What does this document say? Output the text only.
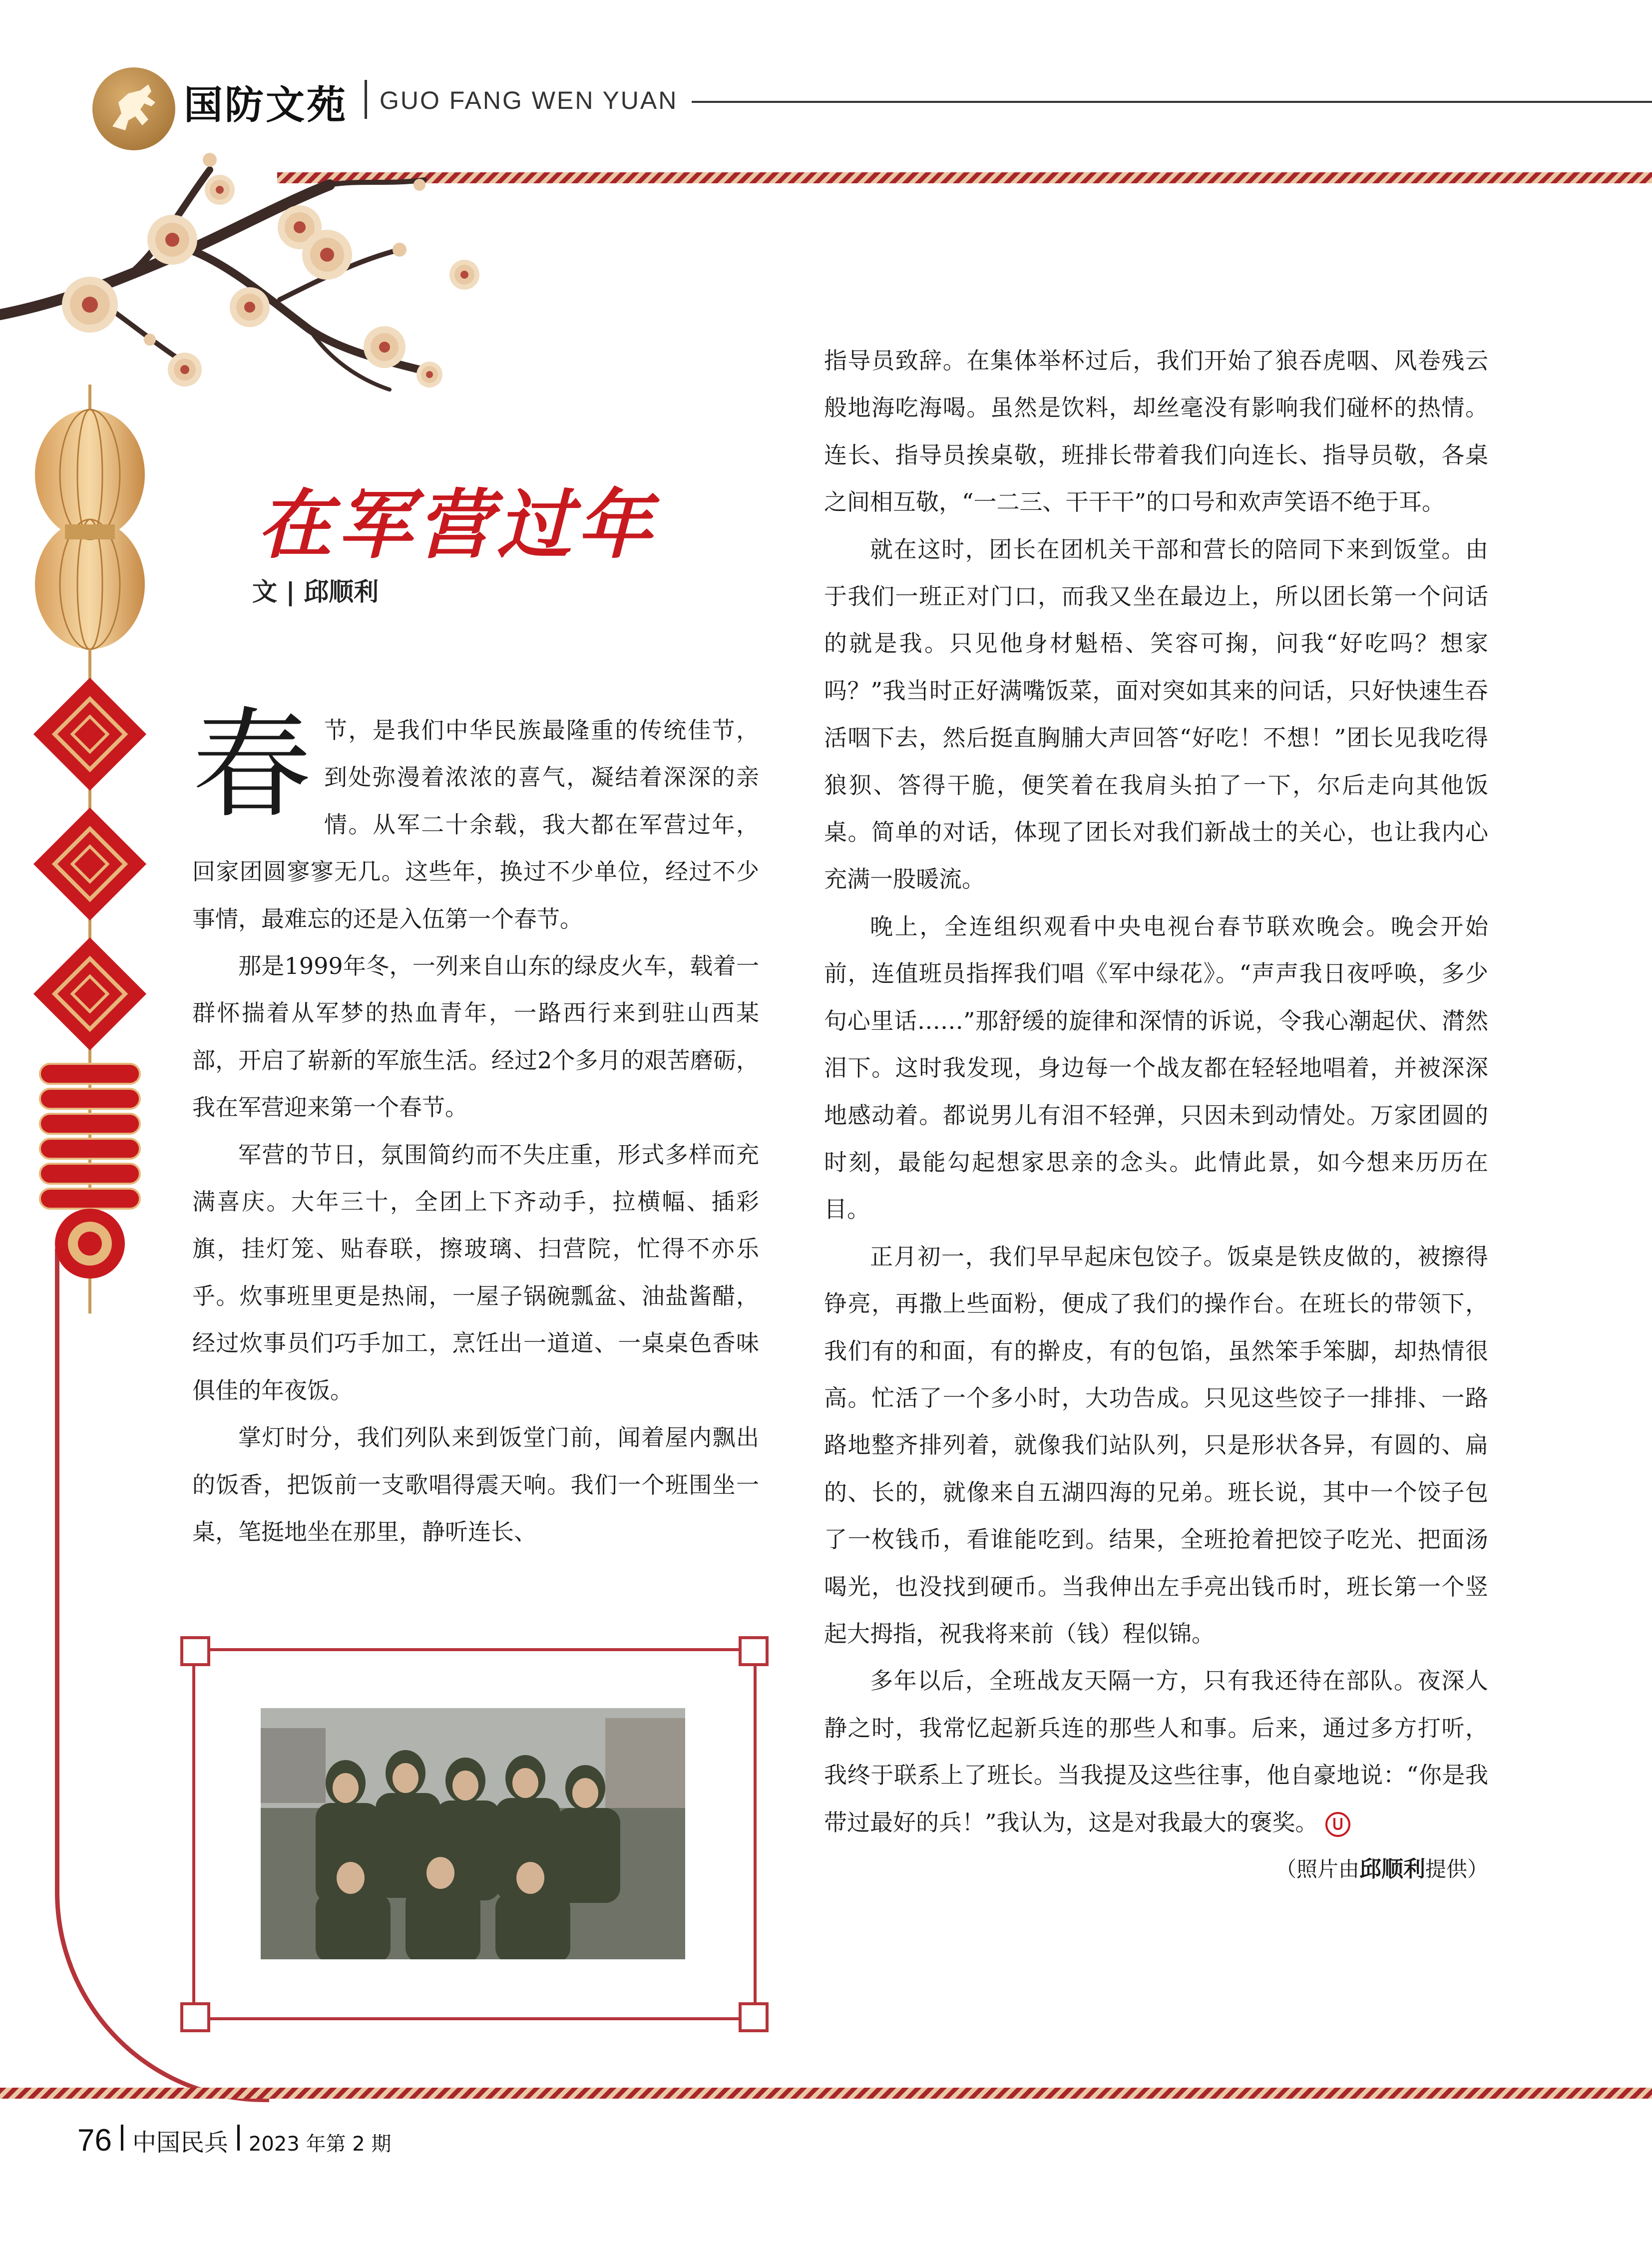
国防文苑 GUO FANG WEN YUAN
在军营过年
文 | 邱顺利

春节，是我们中华民族最隆重的传统佳节，到处弥漫着浓浓的喜气，凝结着深深的亲情。从军二十余载，我大都在军营过年，回家团圆寥寥无几。这些年，换过不少单位，经过不少事情，最难忘的还是入伍第一个春节。

那是1999年冬，一列来自山东的绿皮火车，载着一群怀揣着从军梦的热血青年，一路西行来到驻山西某部，开启了崭新的军旅生活。经过2个多月的艰苦磨砺，我在军营迎来第一个春节。

军营的节日，氛围简约而不失庄重，形式多样而充满喜庆。大年三十，全团上下齐动手，拉横幅、插彩旗，挂灯笼、贴春联，擦玻璃、扫营院，忙得不亦乐乎。炊事班里更是热闹，一屋子锅碗瓢盆、油盐酱醋，经过炊事员们巧手加工，烹饪出一道道、一桌桌色香味俱佳的年夜饭。

掌灯时分，我们列队来到饭堂门前，闻着屋内飘出的饭香，把饭前一支歌唱得震天响。我们一个班围坐一桌，笔挺地坐在那里，静听连长、

指导员致辞。在集体举杯过后，我们开始了狼吞虎咽、风卷残云般地海吃海喝。虽然是饮料，却丝毫没有影响我们碰杯的热情。连长、指导员挨桌敬，班排长带着我们向连长、指导员敬，各桌之间相互敬，“一二三、干干干”的口号和欢声笑语不绝于耳。

就在这时，团长在团机关干部和营长的陪同下来到饭堂。由于我们一班正对门口，而我又坐在最边上，所以团长第一个问话的就是我。只见他身材魁梧、笑容可掬，问我“好吃吗？想家吗？”我当时正好满嘴饭菜，面对突如其来的问话，只好快速生吞活咽下去，然后挺直胸脯大声回答“好吃！不想！”团长见我吃得狼狈、答得干脆，便笑着在我肩头拍了一下，尔后走向其他饭桌。简单的对话，体现了团长对我们新战士的关心，也让我内心充满一股暖流。

晚上，全连组织观看中央电视台春节联欢晚会。晚会开始前，连值班员指挥我们唱《军中绿花》。“声声我日夜呼唤，多少句心里话……”那舒缓的旋律和深情的诉说，令我心潮起伏、潸然泪下。这时我发现，身边每一个战友都在轻轻地唱着，并被深深地感动着。都说男儿有泪不轻弹，只因未到动情处。万家团圆的时刻，最能勾起想家思亲的念头。此情此景，如今想来历历在目。

正月初一，我们早早起床包饺子。饭桌是铁皮做的，被擦得铮亮，再撒上些面粉，便成了我们的操作台。在班长的带领下，我们有的和面，有的擀皮，有的包馅，虽然笨手笨脚，却热情很高。忙活了一个多小时，大功告成。只见这些饺子一排排、一路路地整齐排列着，就像我们站队列，只是形状各异，有圆的、扁的、长的，就像来自五湖四海的兄弟。班长说，其中一个饺子包了一枚钱币，看谁能吃到。结果，全班抢着把饺子吃光、把面汤喝光，也没找到硬币。当我伸出左手亮出钱币时，班长第一个竖起大拇指，祝我将来前（钱）程似锦。

多年以后，全班战友天隔一方，只有我还待在部队。夜深人静之时，我常忆起新兵连的那些人和事。后来，通过多方打听，我终于联系上了班长。当我提及这些往事，他自豪地说：“你是我带过最好的兵！”我认为，这是对我最大的褒奖。
（照片由邱顺利提供）

76 中国民兵 2023 年第 2 期
